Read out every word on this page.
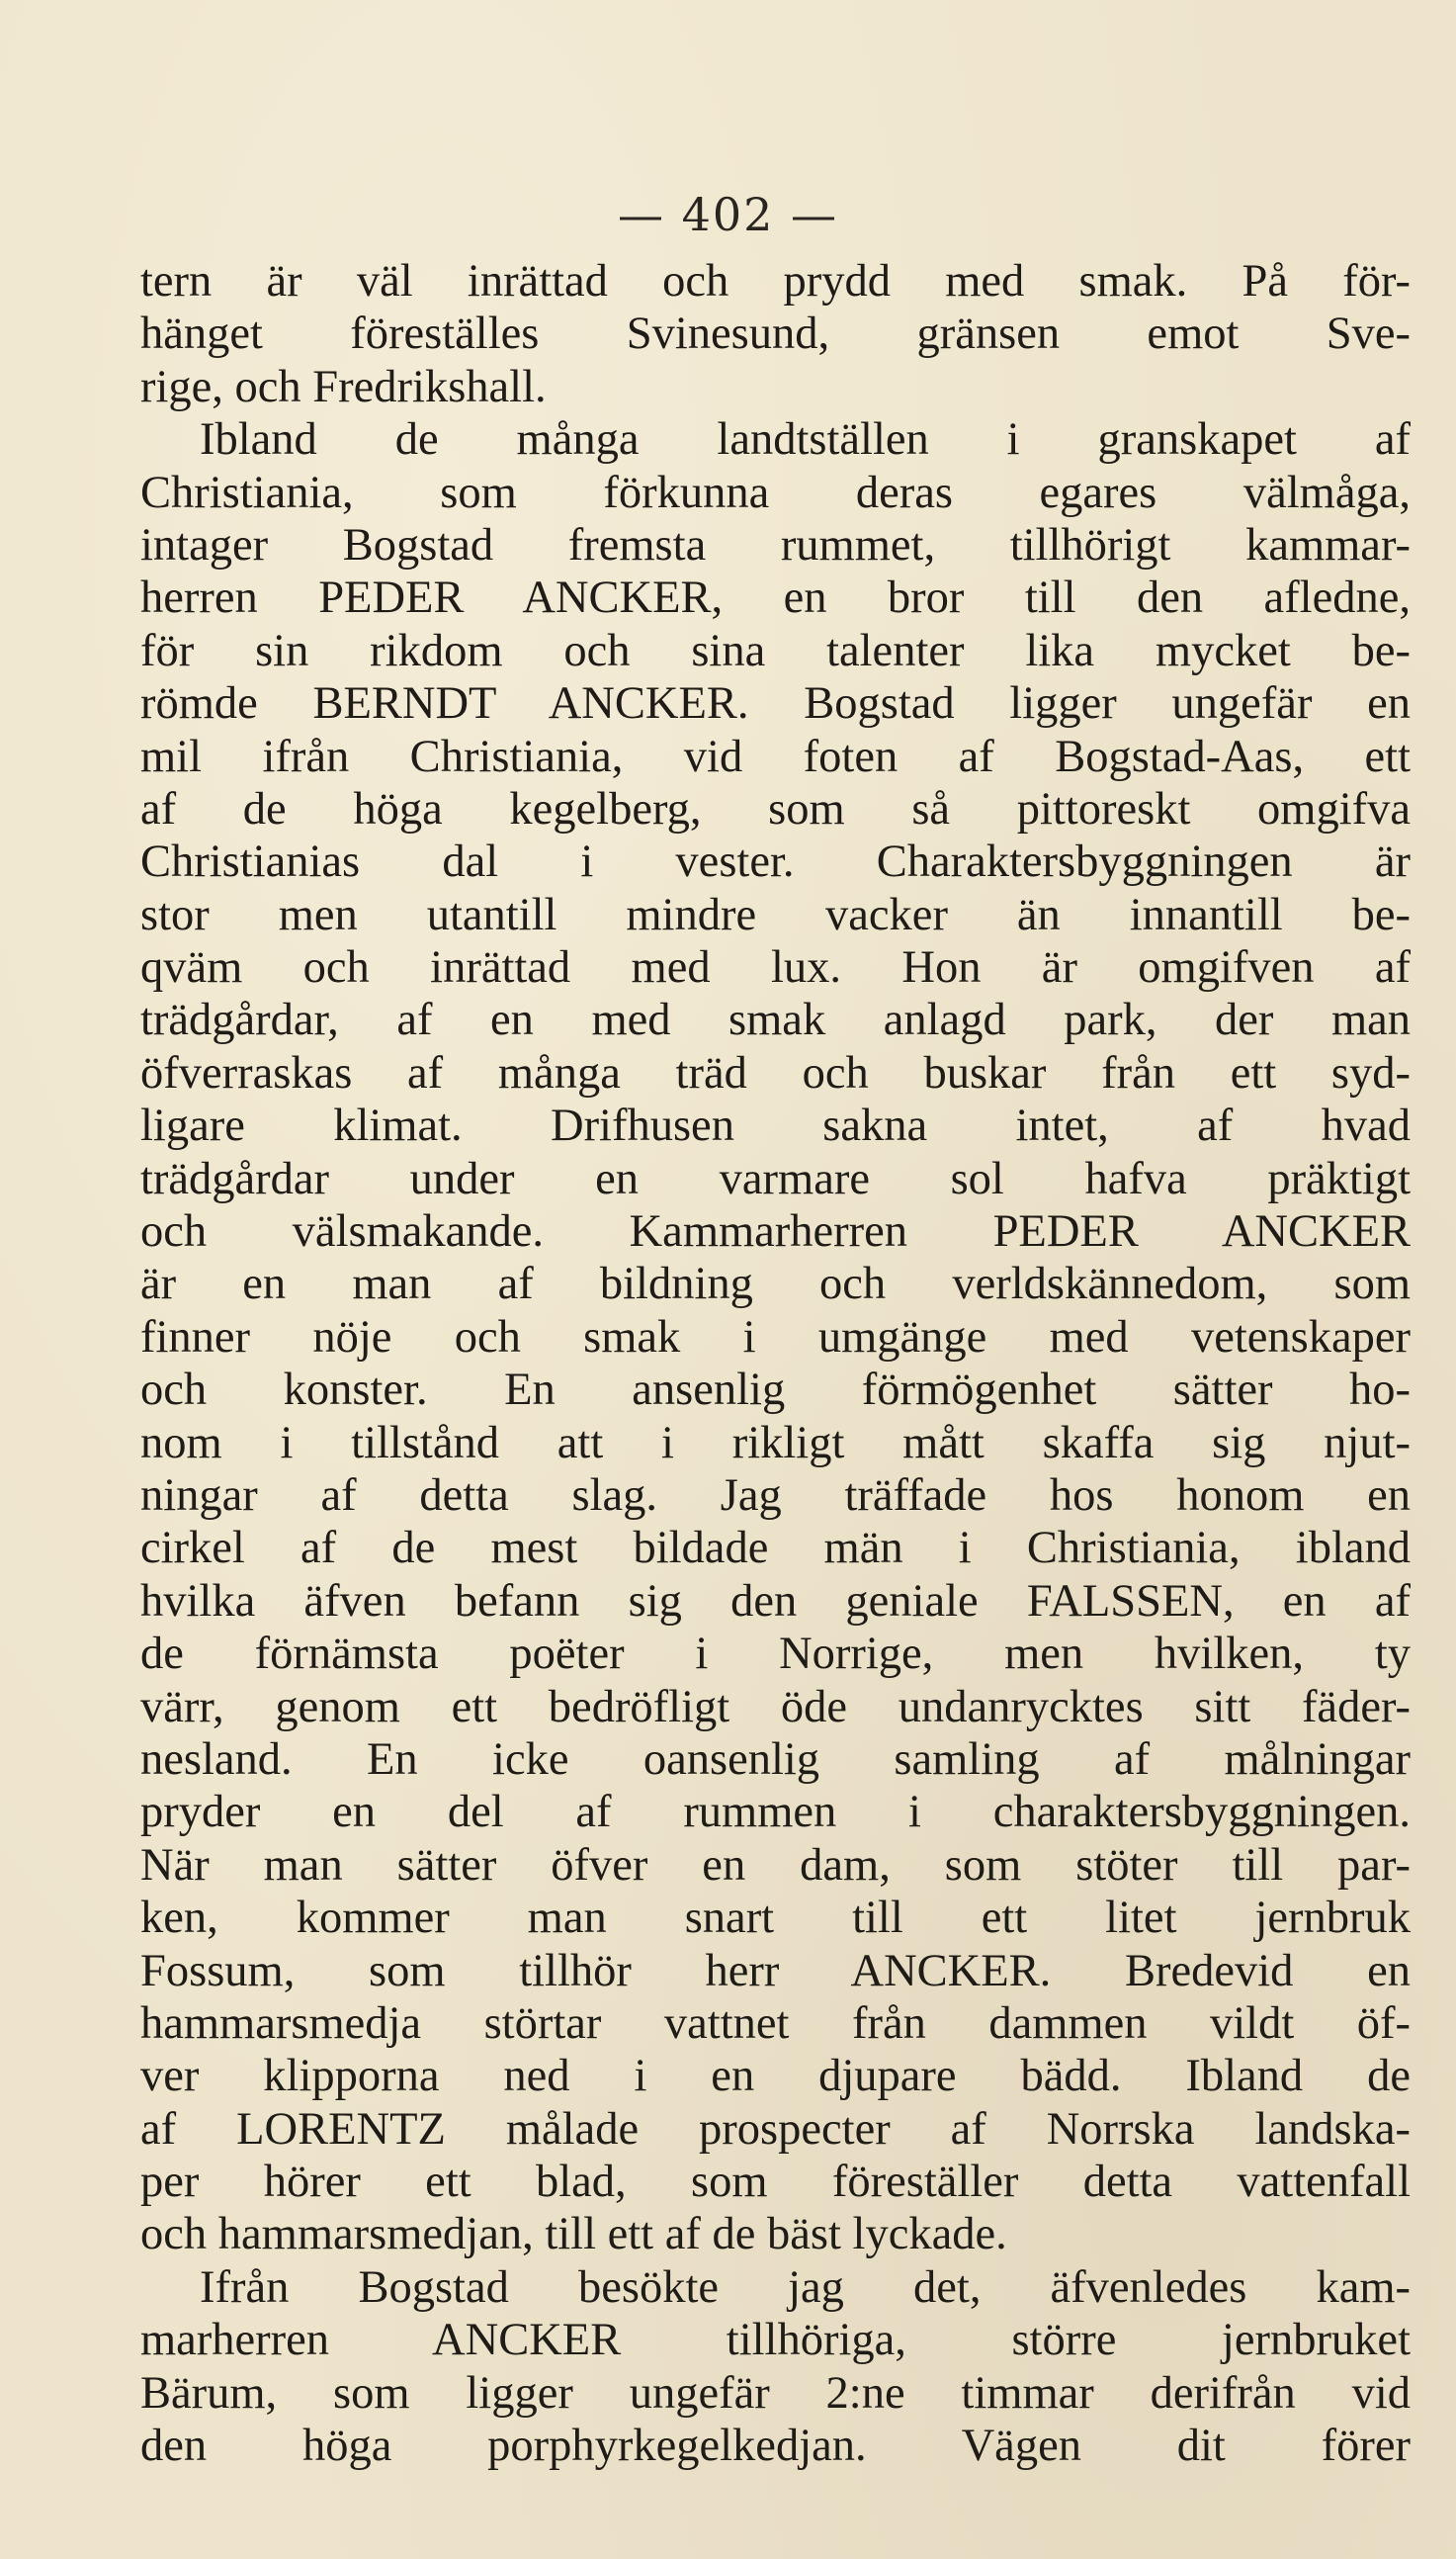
— 402 —
tern är väl inrättad och prydd med smak. På för-
hänget föreställes Svinesund, gränsen emot Sve-
rige, och Fredrikshall.
Ibland de många landtställen i granskapet af
Christiania, som förkunna deras egares välmåga,
intager Bogstad fremsta rummet, tillhörigt kammar-
herren PEDER ANCKER, en bror till den afledne,
för sin rikdom och sina talenter lika mycket be-
römde BERNDT ANCKER. Bogstad ligger ungefär en
mil ifrån Christiania, vid foten af Bogstad-Aas, ett
af de höga kegelberg, som så pittoreskt omgifva
Christianias dal i vester. Charaktersbyggningen är
stor men utantill mindre vacker än innantill be-
qväm och inrättad med lux. Hon är omgifven af
trädgårdar, af en med smak anlagd park, der man
öfverraskas af många träd och buskar från ett syd-
ligare klimat. Drifhusen sakna intet, af hvad
trädgårdar under en varmare sol hafva präktigt
och välsmakande. Kammarherren PEDER ANCKER
är en man af bildning och verldskännedom, som
finner nöje och smak i umgänge med vetenskaper
och konster. En ansenlig förmögenhet sätter ho-
nom i tillstånd att i rikligt mått skaffa sig njut-
ningar af detta slag. Jag träffade hos honom en
cirkel af de mest bildade män i Christiania, ibland
hvilka äfven befann sig den geniale FALSSEN, en af
de förnämsta poëter i Norrige, men hvilken, ty
värr, genom ett bedröfligt öde undanrycktes sitt fäder-
nesland. En icke oansenlig samling af målningar
pryder en del af rummen i charaktersbyggningen.
När man sätter öfver en dam, som stöter till par-
ken, kommer man snart till ett litet jernbruk
Fossum, som tillhör herr ANCKER. Bredevid en
hammarsmedja störtar vattnet från dammen vildt öf-
ver klipporna ned i en djupare bädd. Ibland de
af LORENTZ målade prospecter af Norrska landska-
per hörer ett blad, som föreställer detta vattenfall
och hammarsmedjan, till ett af de bäst lyckade.
Ifrån Bogstad besökte jag det, äfvenledes kam-
marherren ANCKER tillhöriga, större jernbruket
Bärum, som ligger ungefär 2:ne timmar derifrån vid
den höga porphyrkegelkedjan. Vägen dit förer
